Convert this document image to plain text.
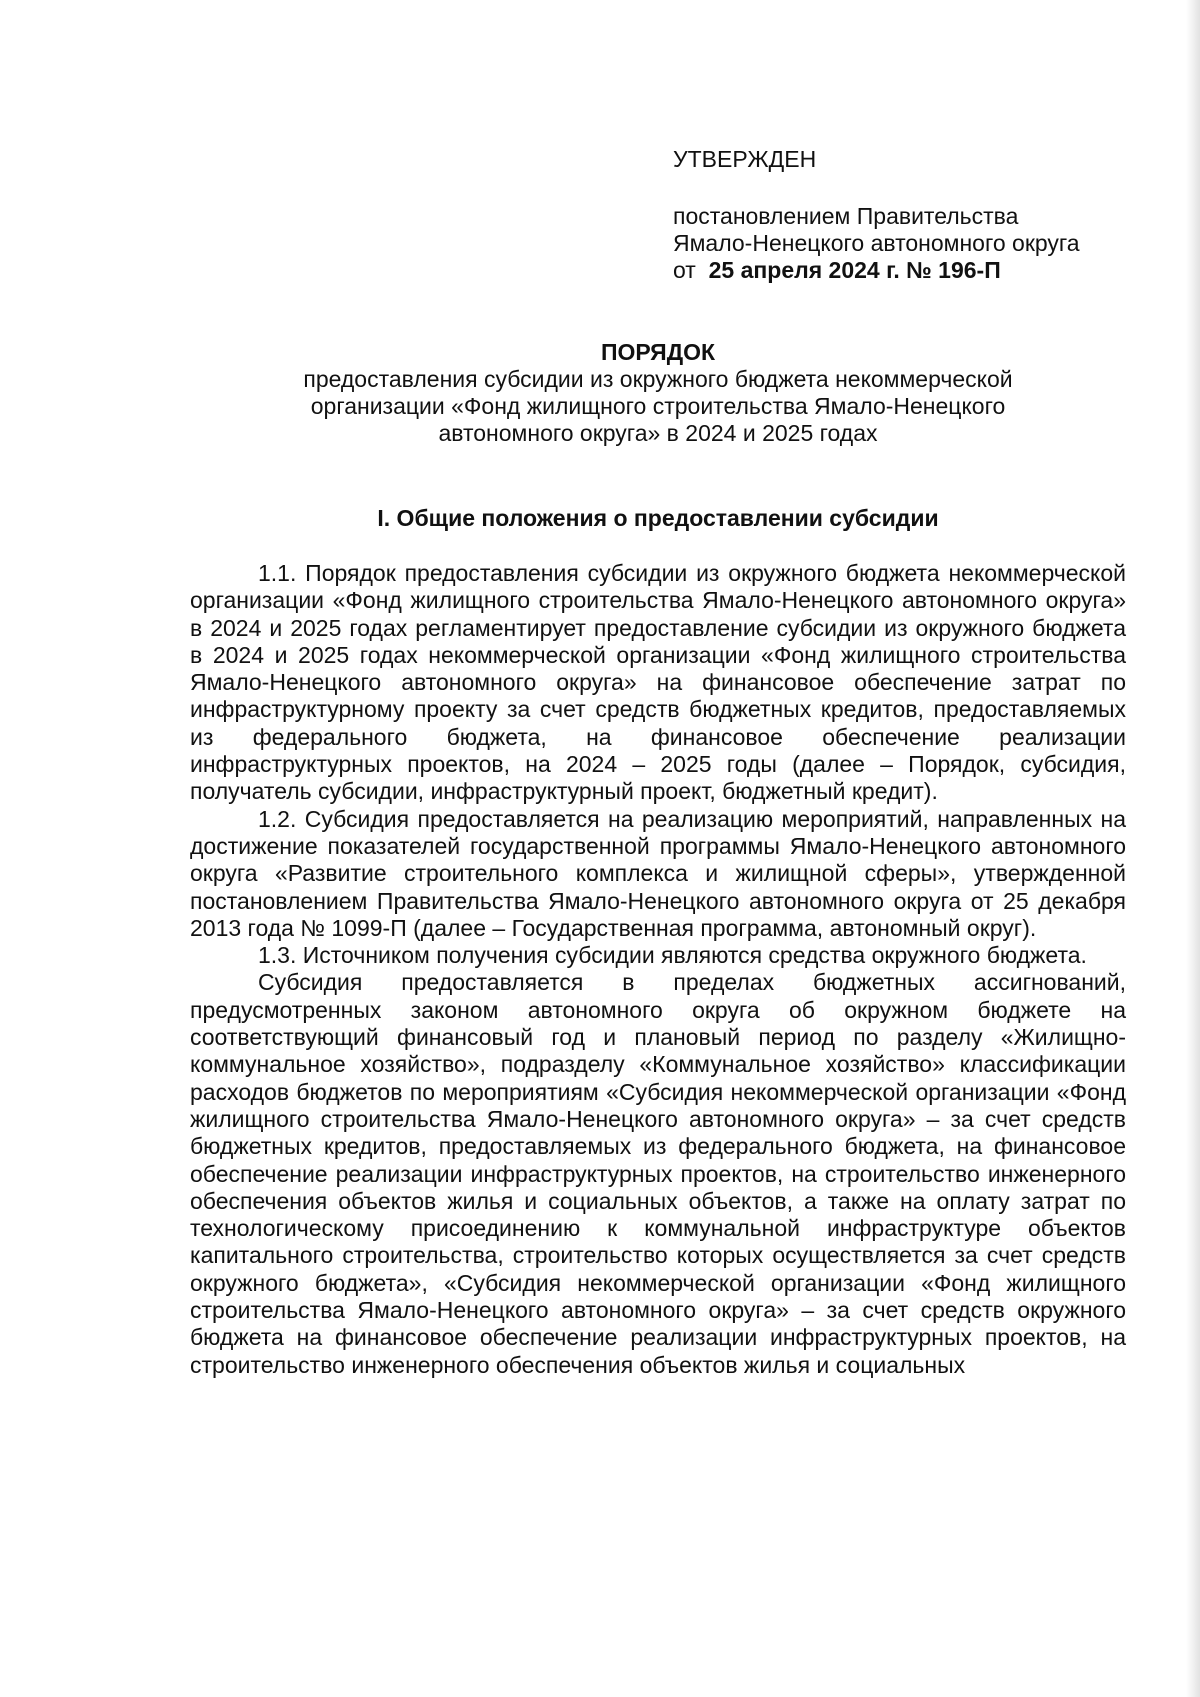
УТВЕРЖДЕН
постановлением Правительства
Ямало-Ненецкого автономного округа
от 25 апреля 2024 г. № 196-П
ПОРЯДОК
предоставления субсидии из окружного бюджета некоммерческой
организации «Фонд жилищного строительства Ямало-Ненецкого
автономного округа» в 2024 и 2025 годах
I. Общие положения о предоставлении субсидии

1.1. Порядок предоставления субсидии из окружного бюджета некоммерческой организации «Фонд жилищного строительства Ямало-Ненецкого автономного округа» в 2024 и 2025 годах регламентирует предоставление субсидии из окружного бюджета в 2024 и 2025 годах некоммерческой организации «Фонд жилищного строительства Ямало-Ненецкого автономного округа» на финансовое обеспечение затрат по инфраструктурному проекту за счет средств бюджетных кредитов, предоставляемых из федерального бюджета, на финансовое обеспечение реализации инфраструктурных проектов, на 2024 – 2025 годы (далее – Порядок, субсидия, получатель субсидии, инфраструктурный проект, бюджетный кредит).

1.2. Субсидия предоставляется на реализацию мероприятий, направленных на достижение показателей государственной программы Ямало-Ненецкого автономного округа «Развитие строительного комплекса и жилищной сферы», утвержденной постановлением Правительства Ямало-Ненецкого автономного округа от 25 декабря 2013 года № 1099-П (далее – Государственная программа, автономный округ).

1.3. Источником получения субсидии являются средства окружного бюджета.

Субсидия предоставляется в пределах бюджетных ассигнований, предусмотренных законом автономного округа об окружном бюджете на соответствующий финансовый год и плановый период по разделу «Жилищно-коммунальное хозяйство», подразделу «Коммунальное хозяйство» классификации расходов бюджетов по мероприятиям «Субсидия некоммерческой организации «Фонд жилищного строительства Ямало-Ненецкого автономного округа» – за счет средств бюджетных кредитов, предоставляемых из федерального бюджета, на финансовое обеспечение реализации инфраструктурных проектов, на строительство инженерного обеспечения объектов жилья и социальных объектов, а также на оплату затрат по технологическому присоединению к коммунальной инфраструктуре объектов капитального строительства, строительство которых осуществляется за счет средств окружного бюджета», «Субсидия некоммерческой организации «Фонд жилищного строительства Ямало-Ненецкого автономного округа» – за счет средств окружного бюджета на финансовое обеспечение реализации инфраструктурных проектов, на строительство инженерного обеспечения объектов жилья и социальных
